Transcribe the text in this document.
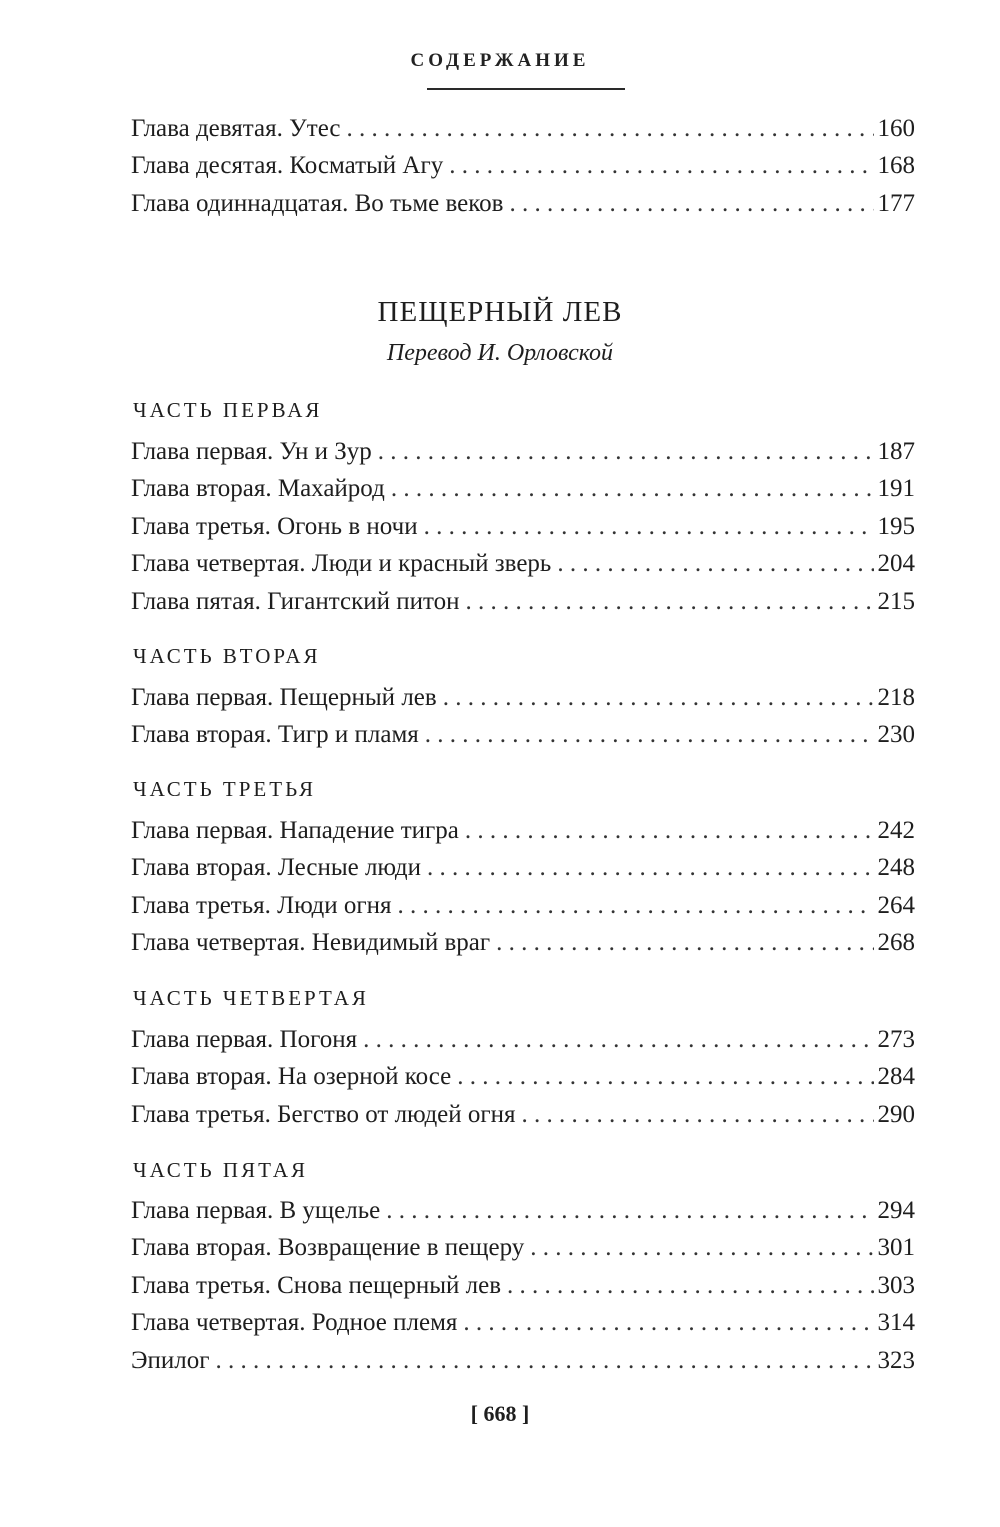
СОДЕРЖАНИЕ
Глава девятая. Утес . . .	160
Глава десятая. Косматый Агу . . .	168
Глава одиннадцатая. Во тьме веков . . .	177
ПЕЩЕРНЫЙ ЛЕВ
Перевод И. Орловской
ЧАСТЬ ПЕРВАЯ
Глава первая. Ун и Зур . . .	187
Глава вторая. Махайрод . . .	191
Глава третья. Огонь в ночи . . .	195
Глава четвертая. Люди и красный зверь . . .	204
Глава пятая. Гигантский питон . . .	215
ЧАСТЬ ВТОРАЯ
Глава первая. Пещерный лев . . .	218
Глава вторая. Тигр и пламя . . .	230
ЧАСТЬ ТРЕТЬЯ
Глава первая. Нападение тигра . . .	242
Глава вторая. Лесные люди . . .	248
Глава третья. Люди огня . . .	264
Глава четвертая. Невидимый враг . . .	268
ЧАСТЬ ЧЕТВЕРТАЯ
Глава первая. Погоня . . .	273
Глава вторая. На озерной косе . . .	284
Глава третья. Бегство от людей огня . . .	290
ЧАСТЬ ПЯТАЯ
Глава первая. В ущелье . . .	294
Глава вторая. Возвращение в пещеру . . .	301
Глава третья. Снова пещерный лев . . .	303
Глава четвертая. Родное племя . . .	314
Эпилог . . .	323
[ 668 ]
